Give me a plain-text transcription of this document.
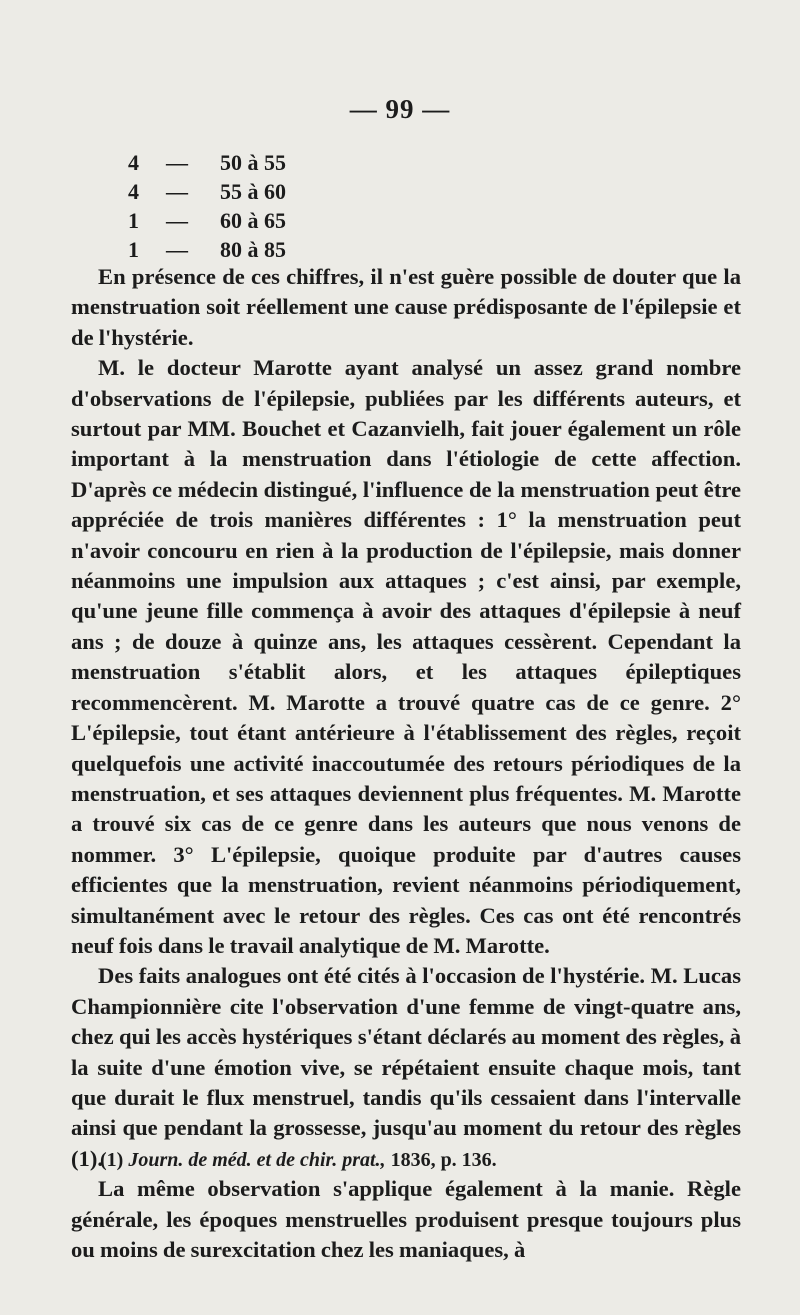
— 99 —
4	—	50 à 55
4	—	55 à 60
1	—	60 à 65
1	—	80 à 85

En présence de ces chiffres, il n'est guère possible de douter que la menstruation soit réellement une cause prédisposante de l'épilepsie et de l'hystérie.

M. le docteur Marotte ayant analysé un assez grand nombre d'observations de l'épilepsie, publiées par les différents auteurs, et surtout par MM. Bouchet et Cazanvielh, fait jouer également un rôle important à la menstruation dans l'étiologie de cette affection. D'après ce médecin distingué, l'influence de la menstruation peut être appréciée de trois manières différentes : 1° la menstruation peut n'avoir concouru en rien à la production de l'épilepsie, mais donner néanmoins une impulsion aux attaques ; c'est ainsi, par exemple, qu'une jeune fille commença à avoir des attaques d'épilepsie à neuf ans ; de douze à quinze ans, les attaques cessèrent. Cependant la menstruation s'établit alors, et les attaques épileptiques recommencèrent. M. Marotte a trouvé quatre cas de ce genre. 2° L'épilepsie, tout étant antérieure à l'établissement des règles, reçoit quelquefois une activité inaccoutumée des retours périodiques de la menstruation, et ses attaques deviennent plus fréquentes. M. Marotte a trouvé six cas de ce genre dans les auteurs que nous venons de nommer. 3° L'épilepsie, quoique produite par d'autres causes efficientes que la menstruation, revient néanmoins périodiquement, simultanément avec le retour des règles. Ces cas ont été rencontrés neuf fois dans le travail analytique de M. Marotte.

Des faits analogues ont été cités à l'occasion de l'hystérie. M. Lucas Championnière cite l'observation d'une femme de vingt-quatre ans, chez qui les accès hystériques s'étant déclarés au moment des règles, à la suite d'une émotion vive, se répétaient ensuite chaque mois, tant que durait le flux menstruel, tandis qu'ils cessaient dans l'intervalle ainsi que pendant la grossesse, jusqu'au moment du retour des règles (1).

La même observation s'applique également à la manie. Règle générale, les époques menstruelles produisent presque toujours plus ou moins de surexcitation chez les maniaques, à

(1) Journ. de méd. et de chir. prat., 1836, p. 136.
